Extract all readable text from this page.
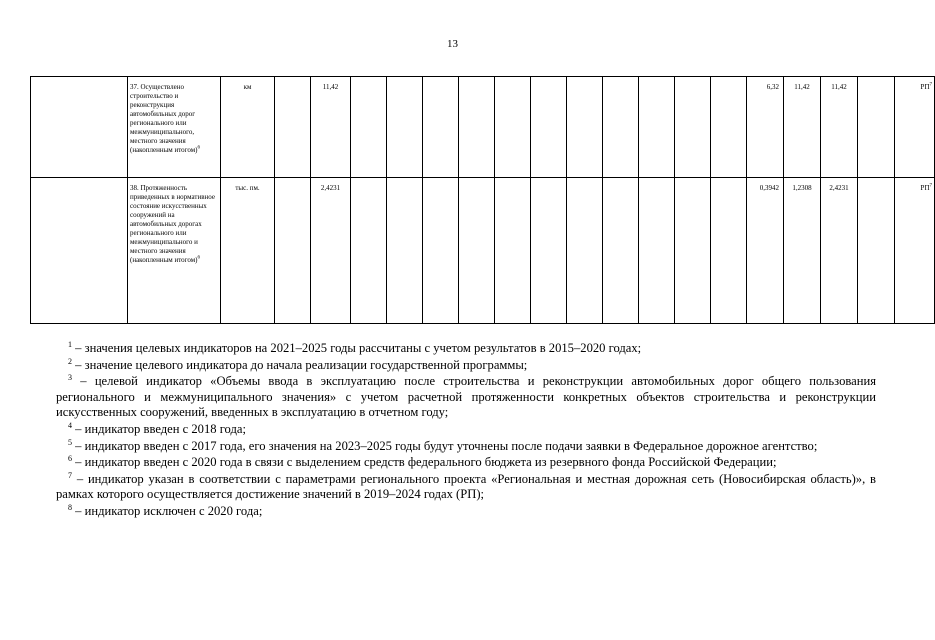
13
	37. Осуществлено строительство и реконструкция автомобильных дорог регионального или межмуниципального, местного значения (накопленным итогом)$^6$	км		11,42												6,32	11,42	11,42		$РП^7$
	38. Протяженность приведенных в нормативное состояние искусственных сооружений на автомобильных дорогах регионального или межмуниципального и местного значения (накопленным итогом)$^6$	тыс. пм.		2,4231												0,3942	1,2308	2,4231		$РП^7$

$^1$ – значения целевых индикаторов на 2021–2025 годы рассчитаны с учетом результатов в 2015–2020 годах;

$^2$ – значение целевого индикатора до начала реализации государственной программы;

$^3$ – целевой индикатор «Объемы ввода в эксплуатацию после строительства и реконструкции автомобильных дорог общего пользования регионального и межмуниципального значения» с учетом расчетной протяженности конкретных объектов строительства и реконструкции искусственных сооружений, введенных в эксплуатацию в отчетном году;

$^4$ – индикатор введен с 2018 года;

$^5$ – индикатор введен с 2017 года, его значения на 2023–2025 годы будут уточнены после подачи заявки в Федеральное дорожное агентство;

$^6$ – индикатор введен с 2020 года в связи с выделением средств федерального бюджета из резервного фонда Российской Федерации;

$^7$ – индикатор указан в соответствии с параметрами регионального проекта «Региональная и местная дорожная сеть (Новосибирская область)», в рамках которого осуществляется достижение значений в 2019–2024 годах (РП);

$^8$ – индикатор исключен с 2020 года;
